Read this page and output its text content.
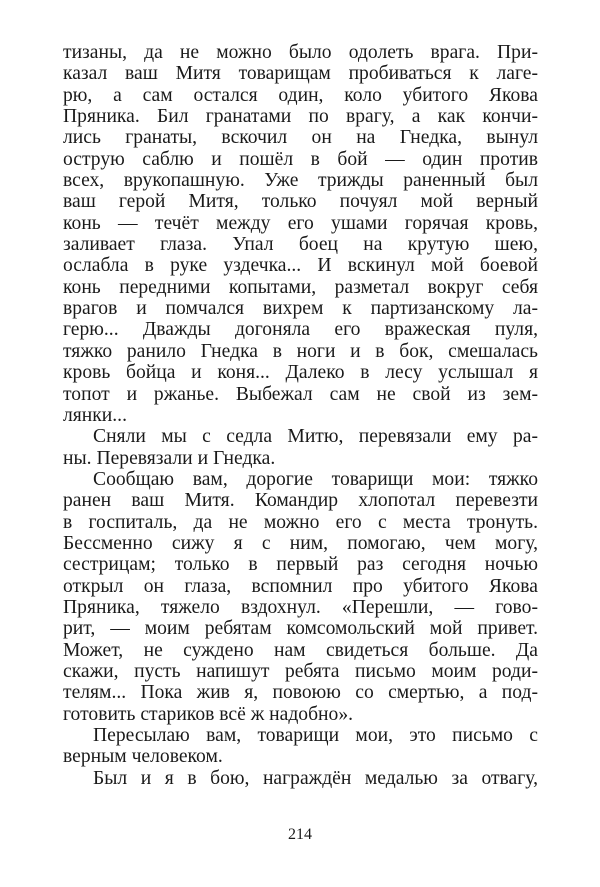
тизаны, да не можно было одолеть врага. При-
казал ваш Митя товарищам пробиваться к лаге-
рю, а сам остался один, коло убитого Якова
Пряника. Бил гранатами по врагу, а как кончи-
лись гранаты, вскочил он на Гнедка, вынул
острую саблю и пошёл в бой — один против
всех, врукопашную. Уже трижды раненный был
ваш герой Митя, только почуял мой верный
конь — течёт между его ушами горячая кровь,
заливает глаза. Упал боец на крутую шею,
ослабла в руке уздечка... И вскинул мой боевой
конь передними копытами, разметал вокруг себя
врагов и помчался вихрем к партизанскому ла-
герю... Дважды догоняла его вражеская пуля,
тяжко ранило Гнедка в ноги и в бок, смешалась
кровь бойца и коня... Далеко в лесу услышал я
топот и ржанье. Выбежал сам не свой из зем-
лянки...
Сняли мы с седла Митю, перевязали ему ра-
ны. Перевязали и Гнедка.
Сообщаю вам, дорогие товарищи мои: тяжко
ранен ваш Митя. Командир хлопотал перевезти
в госпиталь, да не можно его с места тронуть.
Бессменно сижу я с ним, помогаю, чем могу,
сестрицам; только в первый раз сегодня ночью
открыл он глаза, вспомнил про убитого Якова
Пряника, тяжело вздохнул. «Перешли, — гово-
рит, — моим ребятам комсомольский мой привет.
Может, не суждено нам свидеться больше. Да
скажи, пусть напишут ребята письмо моим роди-
телям... Пока жив я, повоюю со смертью, а под-
готовить стариков всё ж надобно».
Пересылаю вам, товарищи мои, это письмо с
верным человеком.
Был и я в бою, награждён медалью за отвагу,
214
